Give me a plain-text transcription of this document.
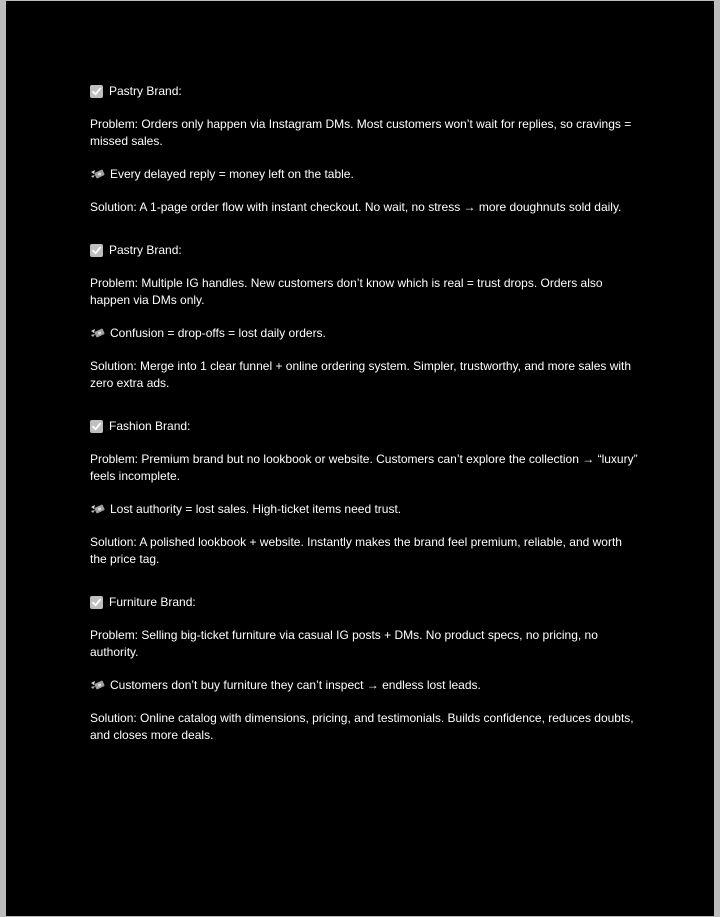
Pastry Brand:

Problem: Orders only happen via Instagram DMs. Most customers won’t wait for replies, so cravings = missed sales.

Every delayed reply = money left on the table.

Solution: A 1-page order flow with instant checkout. No wait, no stress → more doughnuts sold daily.

Pastry Brand:

Problem: Multiple IG handles. New customers don’t know which is real = trust drops. Orders also happen via DMs only.

Confusion = drop-offs = lost daily orders.

Solution: Merge into 1 clear funnel + online ordering system. Simpler, trustworthy, and more sales with zero extra ads.

Fashion Brand:

Problem: Premium brand but no lookbook or website. Customers can’t explore the collection → “luxury” feels incomplete.

Lost authority = lost sales. High-ticket items need trust.

Solution: A polished lookbook + website. Instantly makes the brand feel premium, reliable, and worth the price tag.

Furniture Brand:

Problem: Selling big-ticket furniture via casual IG posts + DMs. No product specs, no pricing, no authority.

Customers don’t buy furniture they can’t inspect → endless lost leads.

Solution: Online catalog with dimensions, pricing, and testimonials. Builds confidence, reduces doubts, and closes more deals.
